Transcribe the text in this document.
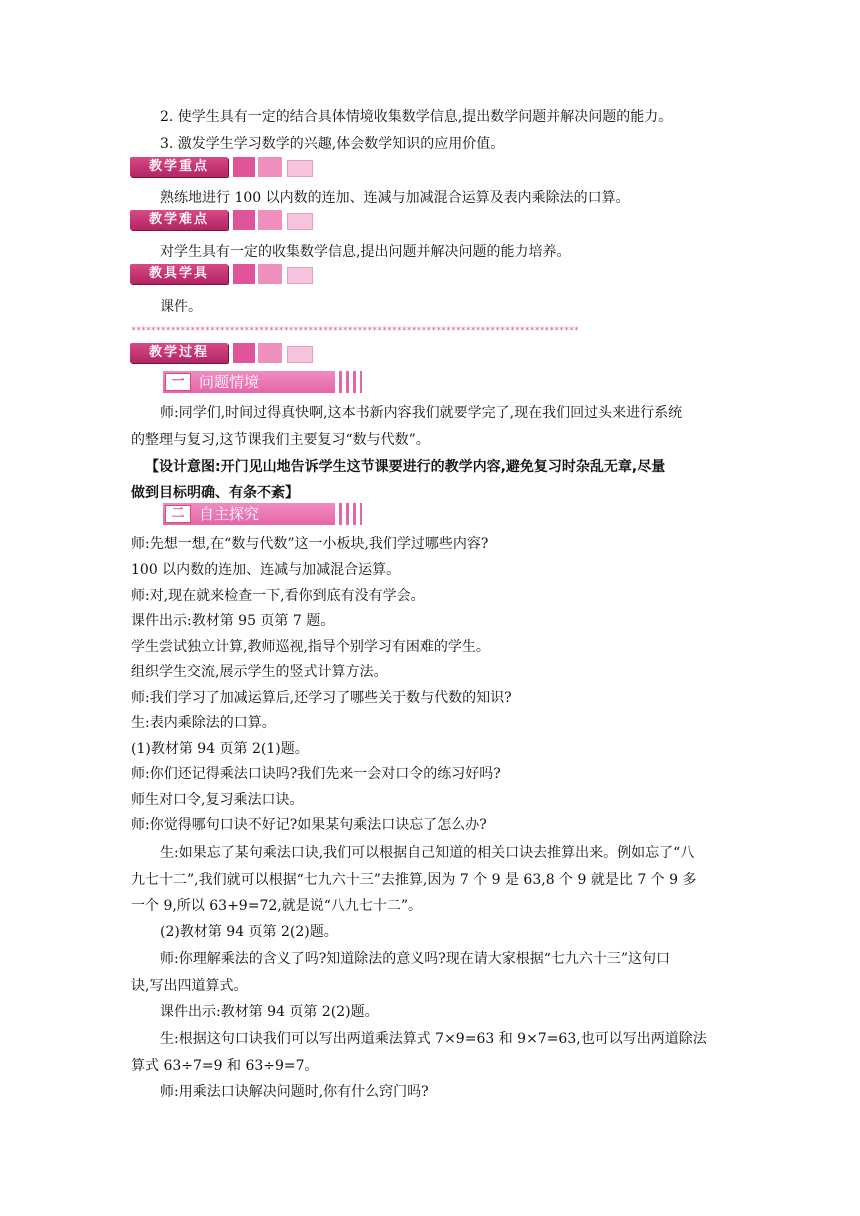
2. 使学生具有一定的结合具体情境收集数学信息,提出数学问题并解决问题的能力。
3. 激发学生学习数学的兴趣,体会数学知识的应用价值。
教学重点
熟练地进行 100 以内数的连加、连减与加减混合运算及表内乘除法的口算。
教学难点
对学生具有一定的收集数学信息,提出问题并解决问题的能力培养。
教具学具
课件。
*******************************************************************************************
教学过程
一 问题情境
师:同学们,时间过得真快啊,这本书新内容我们就要学完了,现在我们回过头来进行系统
的整理与复习,这节课我们主要复习“数与代数”。
【设计意图:开门见山地告诉学生这节课要进行的教学内容,避免复习时杂乱无章,尽量
做到目标明确、有条不紊】
二 自主探究
师:先想一想,在“数与代数”这一小板块,我们学过哪些内容?
100 以内数的连加、连减与加减混合运算。
师:对,现在就来检查一下,看你到底有没有学会。
课件出示:教材第 95 页第 7 题。
学生尝试独立计算,教师巡视,指导个别学习有困难的学生。
组织学生交流,展示学生的竖式计算方法。
师:我们学习了加减运算后,还学习了哪些关于数与代数的知识?
生:表内乘除法的口算。
(1)教材第 94 页第 2(1)题。
师:你们还记得乘法口诀吗?我们先来一会对口令的练习好吗?
师生对口令,复习乘法口诀。
师:你觉得哪句口诀不好记?如果某句乘法口诀忘了怎么办?
生:如果忘了某句乘法口诀,我们可以根据自己知道的相关口诀去推算出来。例如忘了“八
九七十二”,我们就可以根据“七九六十三”去推算,因为 7 个 9 是 63,8 个 9 就是比 7 个 9 多
一个 9,所以 63+9=72,就是说“八九七十二”。
(2)教材第 94 页第 2(2)题。
师:你理解乘法的含义了吗?知道除法的意义吗?现在请大家根据“七九六十三”这句口
诀,写出四道算式。
课件出示:教材第 94 页第 2(2)题。
生:根据这句口诀我们可以写出两道乘法算式 7×9=63 和 9×7=63,也可以写出两道除法
算式 63÷7=9 和 63÷9=7。
师:用乘法口诀解决问题时,你有什么窍门吗?
